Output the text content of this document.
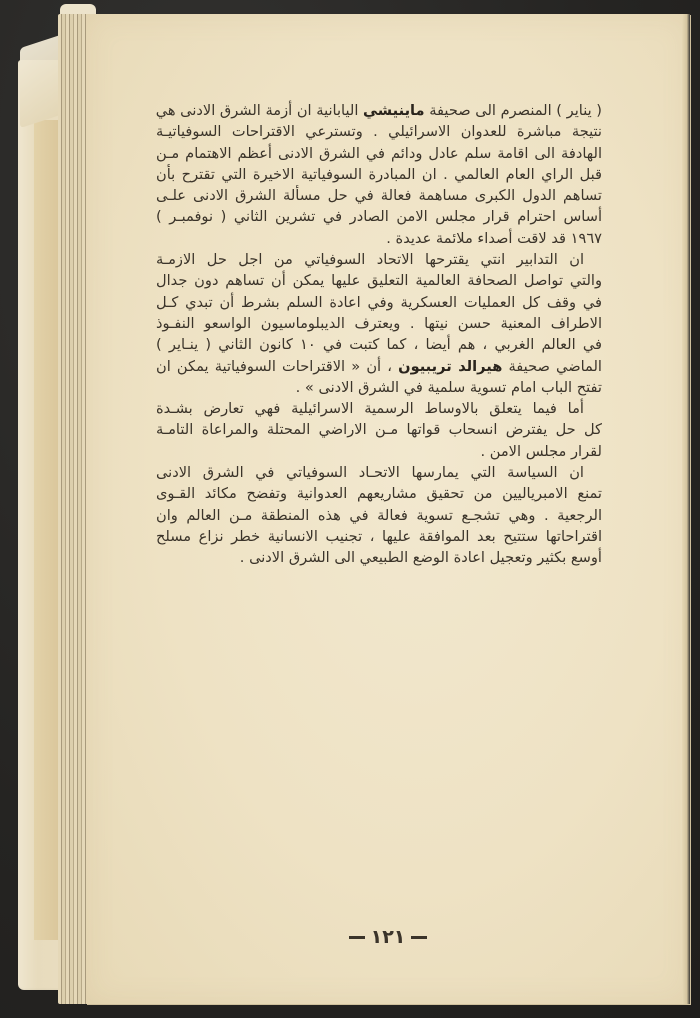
( يناير ) المنصرم الى صحيفة ماينيشي اليابانية ان أزمة الشرق الادنى هي
نتيجة مباشرة للعدوان الاسرائيلي . وتسترعي الاقتراحات السوفياتيـة
الهادفة الى اقامة سلم عادل ودائم في الشرق الادنى أعظم الاهتمام مـن
قبل الراي العام العالمي . ان المبادرة السوفياتية الاخيرة التي تقترح بأن
تساهم الدول الكبرى مساهمة فعالة في حل مسألة الشرق الادنى علـى
أساس احترام قرار مجلس الامن الصادر في تشرين الثاني ( نوفمبـر )
١٩٦٧ قد لاقت أصداء ملائمة عديدة .
ان التدابير انتي يقترحها الاتحاد السوفياتي من اجل حل الازمـة
والتي تواصل الصحافة العالمية التعليق عليها يمكن أن تساهم دون جدال
في وقف كل العمليات العسكرية وفي اعادة السلم بشرط أن تبدي كـل
الاطراف المعنية حسن نيتها . ويعترف الديبلوماسيون الواسعو النفـوذ
في العالم الغربي ، هم أيضا ، كما كتبت في ١٠ كانون الثاني ( ينـاير )
الماضي صحيفة هيرالد تريبيون ، أن « الاقتراحات السوفياتية يمكن ان
تفتح الباب امام تسوية سلمية في الشرق الادنى » .
أما فيما يتعلق بالاوساط الرسمية الاسرائيلية فهي تعارض بشـدة
كل حل يفترض انسحاب قواتها مـن الاراضي المحتلة والمراعاة التامـة
لقرار مجلس الامن .
ان السياسة التي يمارسها الاتحـاد السوفياتي في الشرق الادنى
تمنع الامبرياليين من تحقيق مشاريعهم العدوانية وتفضح مكائد القـوى
الرجعية . وهي تشجـع تسوية فعالة في هذه المنطقة مـن العالم وان
اقتراحاتها ستتيح بعد الموافقة عليها ، تجنيب الانسانية خطر نزاع مسلح
أوسع بكثير وتعجيل اعادة الوضع الطبيعي الى الشرق الادنى .
١٢١
